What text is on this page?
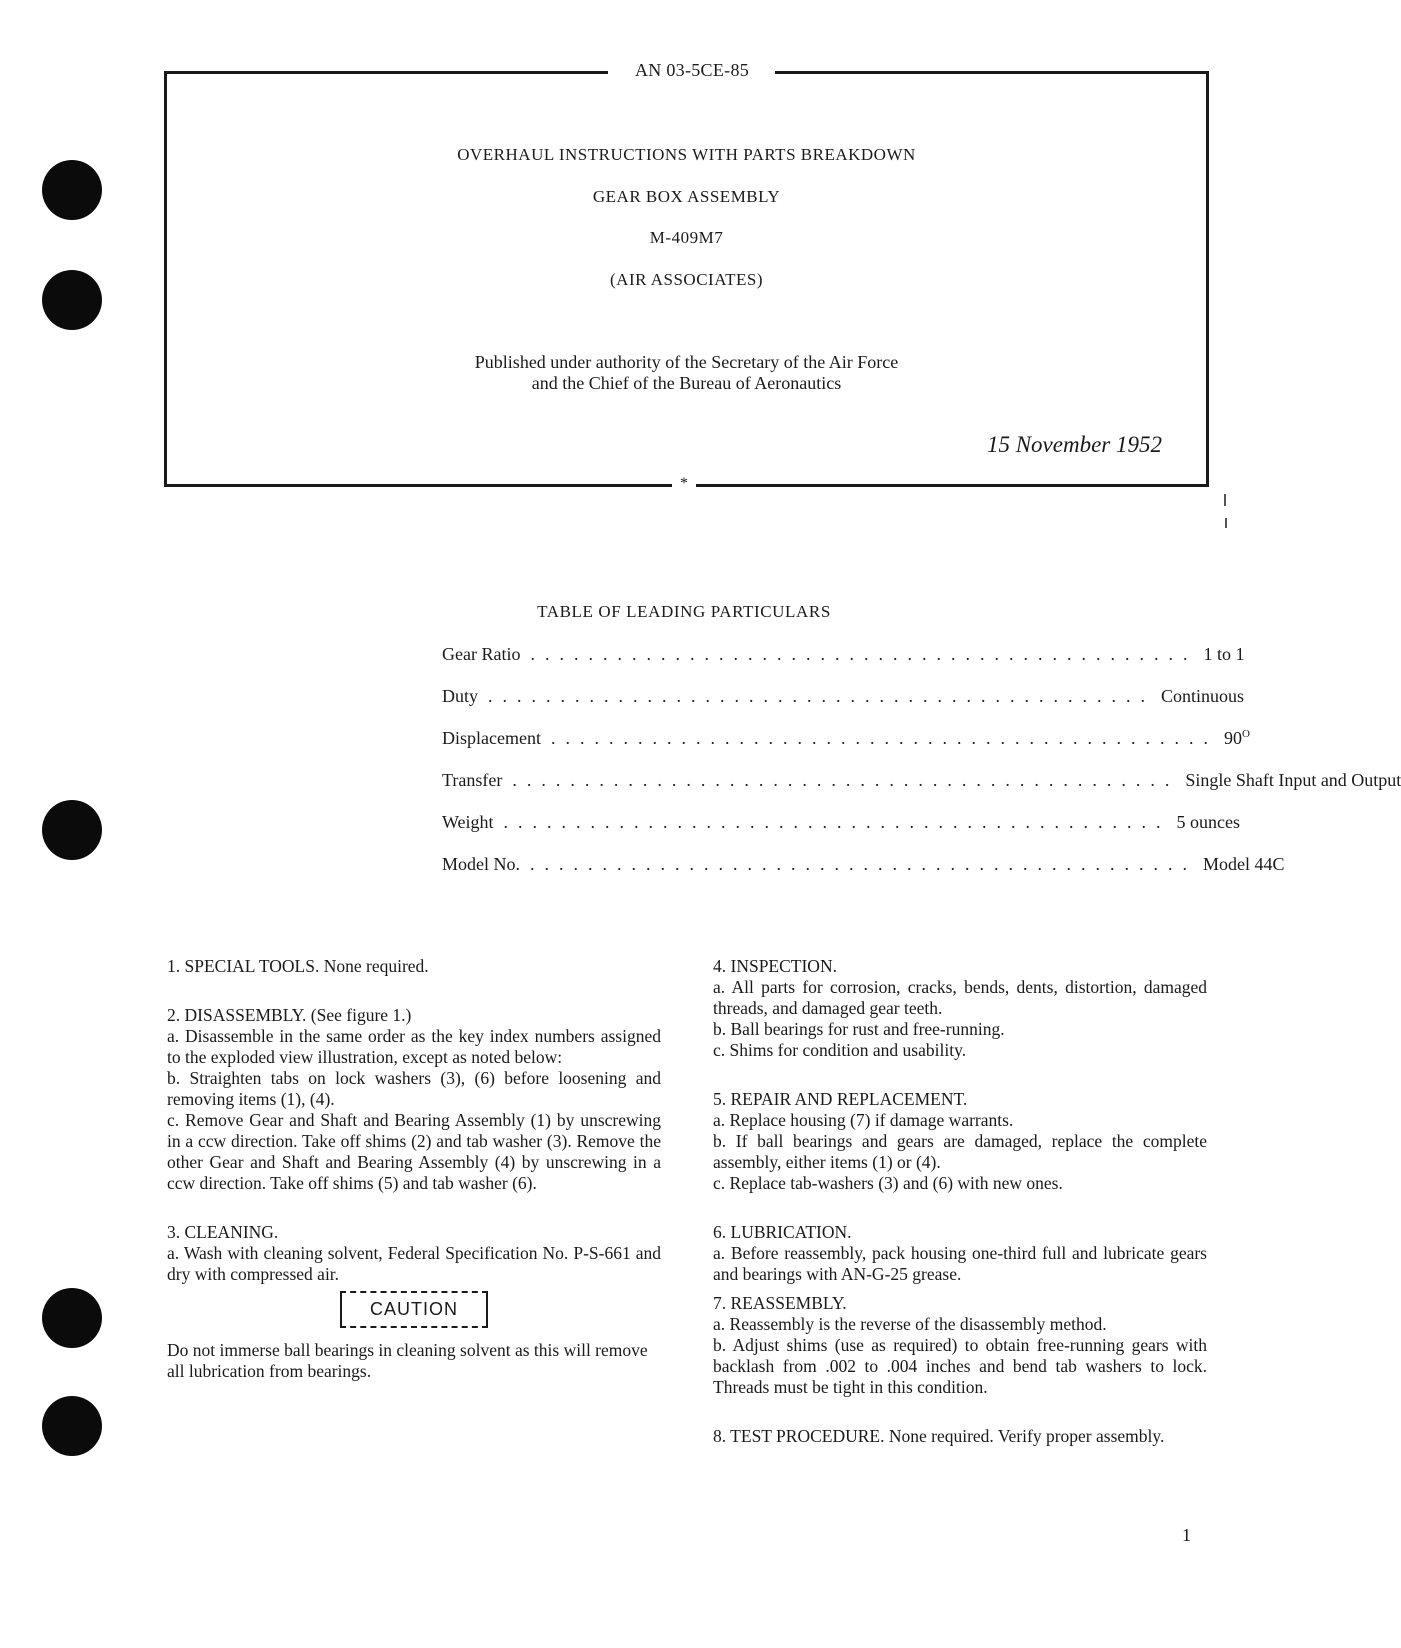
AN 03-5CE-85
*
OVERHAUL INSTRUCTIONS WITH PARTS BREAKDOWN
GEAR BOX ASSEMBLY
M-409M7
(AIR ASSOCIATES)
Published under authority of the Secretary of the Air Force
and the Chief of the Bureau of Aeronautics
15 November 1952
TABLE OF LEADING PARTICULARS
Gear Ratio .............................................. 1 to 1
Duty .............................................. Continuous
Displacement .............................................. $90^O$
Transfer .............................................. Single Shaft Input and Output
Weight .............................................. 5 ounces
Model No. .............................................. Model 44C

1. SPECIAL TOOLS. None required.

2. DISASSEMBLY. (See figure 1.)

a. Disassemble in the same order as the key index numbers assigned to the exploded view illustration, except as noted below:

b. Straighten tabs on lock washers (3), (6) before loosening and removing items (1), (4).

c. Remove Gear and Shaft and Bearing Assembly (1) by unscrewing in a ccw direction. Take off shims (2) and tab washer (3). Remove the other Gear and Shaft and Bearing Assembly (4) by unscrewing in a ccw direction. Take off shims (5) and tab washer (6).

3. CLEANING.

a. Wash with cleaning solvent, Federal Specification No. P-S-661 and dry with compressed air.

CAUTION

Do not immerse ball bearings in cleaning solvent as this will remove all lubrication from bearings.

4. INSPECTION.

a. All parts for corrosion, cracks, bends, dents, distortion, damaged threads, and damaged gear teeth.

b. Ball bearings for rust and free-running.

c. Shims for condition and usability.

5. REPAIR AND REPLACEMENT.

a. Replace housing (7) if damage warrants.

b. If ball bearings and gears are damaged, replace the complete assembly, either items (1) or (4).

c. Replace tab-washers (3) and (6) with new ones.

6. LUBRICATION.

a. Before reassembly, pack housing one-third full and lubricate gears and bearings with AN-G-25 grease.

7. REASSEMBLY.

a. Reassembly is the reverse of the disassembly method.

b. Adjust shims (use as required) to obtain free-running gears with backlash from .002 to .004 inches and bend tab washers to lock. Threads must be tight in this condition.

8. TEST PROCEDURE. None required. Verify proper assembly.

1
